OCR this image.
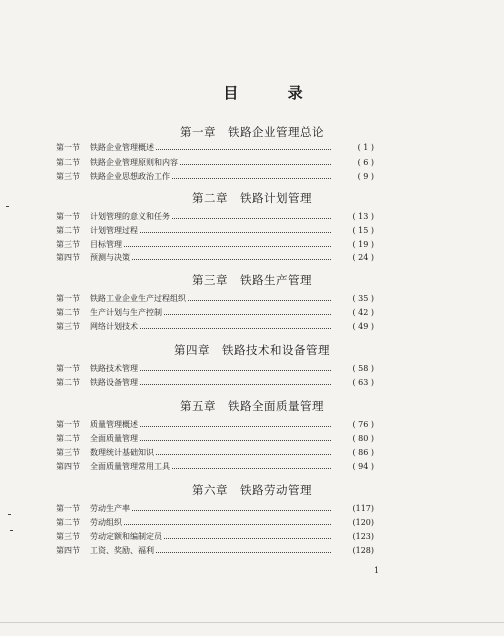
目 录
第一章 铁路企业管理总论
第一节	铁路企业管理概述	( 1 )
第二节	铁路企业管理原则和内容	( 6 )
第三节	铁路企业思想政治工作	( 9 )
第二章 铁路计划管理
第一节	计划管理的意义和任务	( 13 )
第二节	计划管理过程	( 15 )
第三节	目标管理	( 19 )
第四节	预测与决策	( 24 )
第三章 铁路生产管理
第一节	铁路工业企业生产过程组织	( 35 )
第二节	生产计划与生产控制	( 42 )
第三节	网络计划技术	( 49 )
第四章 铁路技术和设备管理
第一节	铁路技术管理	( 58 )
第二节	铁路设备管理	( 63 )
第五章 铁路全面质量管理
第一节	质量管理概述	( 76 )
第二节	全面质量管理	( 80 )
第三节	数理统计基础知识	( 86 )
第四节	全面质量管理常用工具	( 94 )
第六章 铁路劳动管理
第一节	劳动生产率	(117)
第二节	劳动组织	(120)
第三节	劳动定额和编制定员	(123)
第四节	工资、奖励、福利	(128)
1
